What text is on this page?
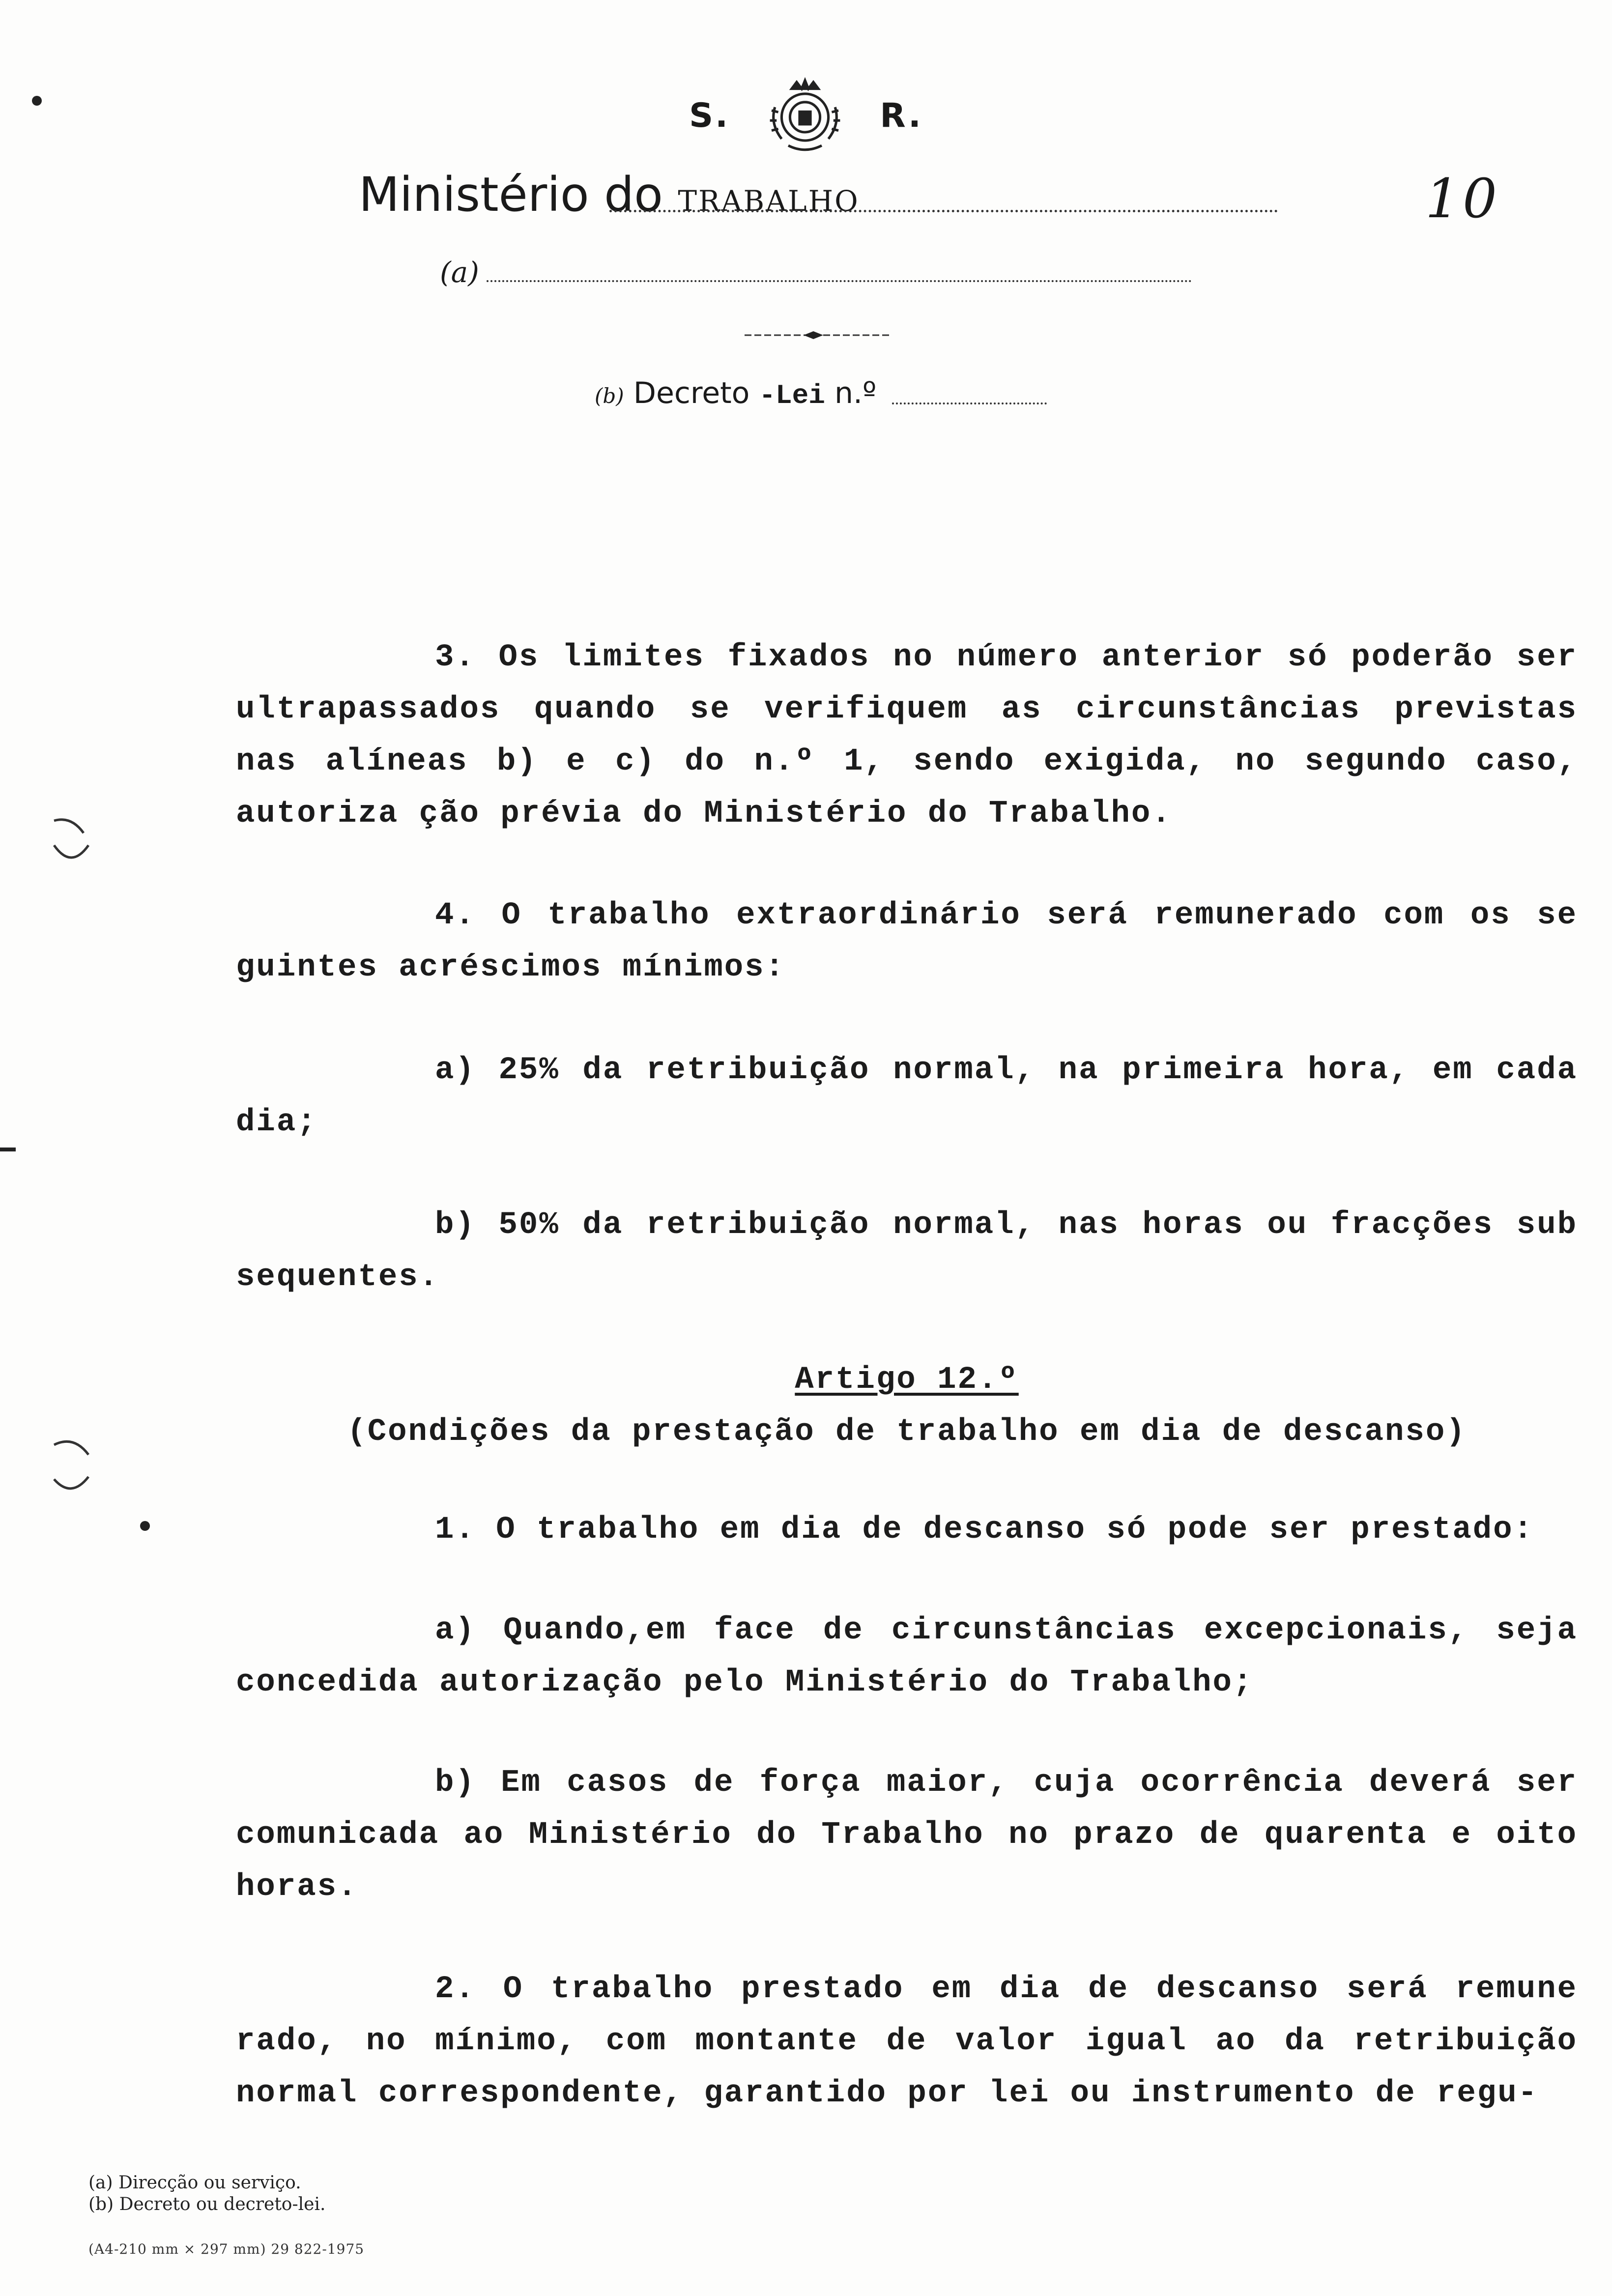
S.	R.
Ministério do TRABALHO	10
(a)
(b) Decreto -Lei n.º

3. Os limites fixados no número anterior só poderão ser ultrapassados quando se verifiquem as circunstâncias previstas nas alíneas b) e c) do n.º 1, sendo exigida, no segundo caso, autoriza ção prévia do Ministério do Trabalho.

4. O trabalho extraordinário será remunerado com os se guintes acréscimos mínimos:

a) 25% da retribuição normal, na primeira hora, em cada dia;

b) 50% da retribuição normal, nas horas ou fracções sub sequentes.

Artigo 12.º

(Condições da prestação de trabalho em dia de descanso)

1. O trabalho em dia de descanso só pode ser prestado:

a) Quando,em face de circunstâncias excepcionais, seja concedida autorização pelo Ministério do Trabalho;

b) Em casos de força maior, cuja ocorrência deverá ser comunicada ao Ministério do Trabalho no prazo de quarenta e oito horas.

2. O trabalho prestado em dia de descanso será remune rado, no mínimo, com montante de valor igual ao da retribuição normal correspondente, garantido por lei ou instrumento de regu-

(a) Direcção ou serviço.
(b) Decreto ou decreto-lei.
(A4-210 mm × 297 mm) 29 822-1975
